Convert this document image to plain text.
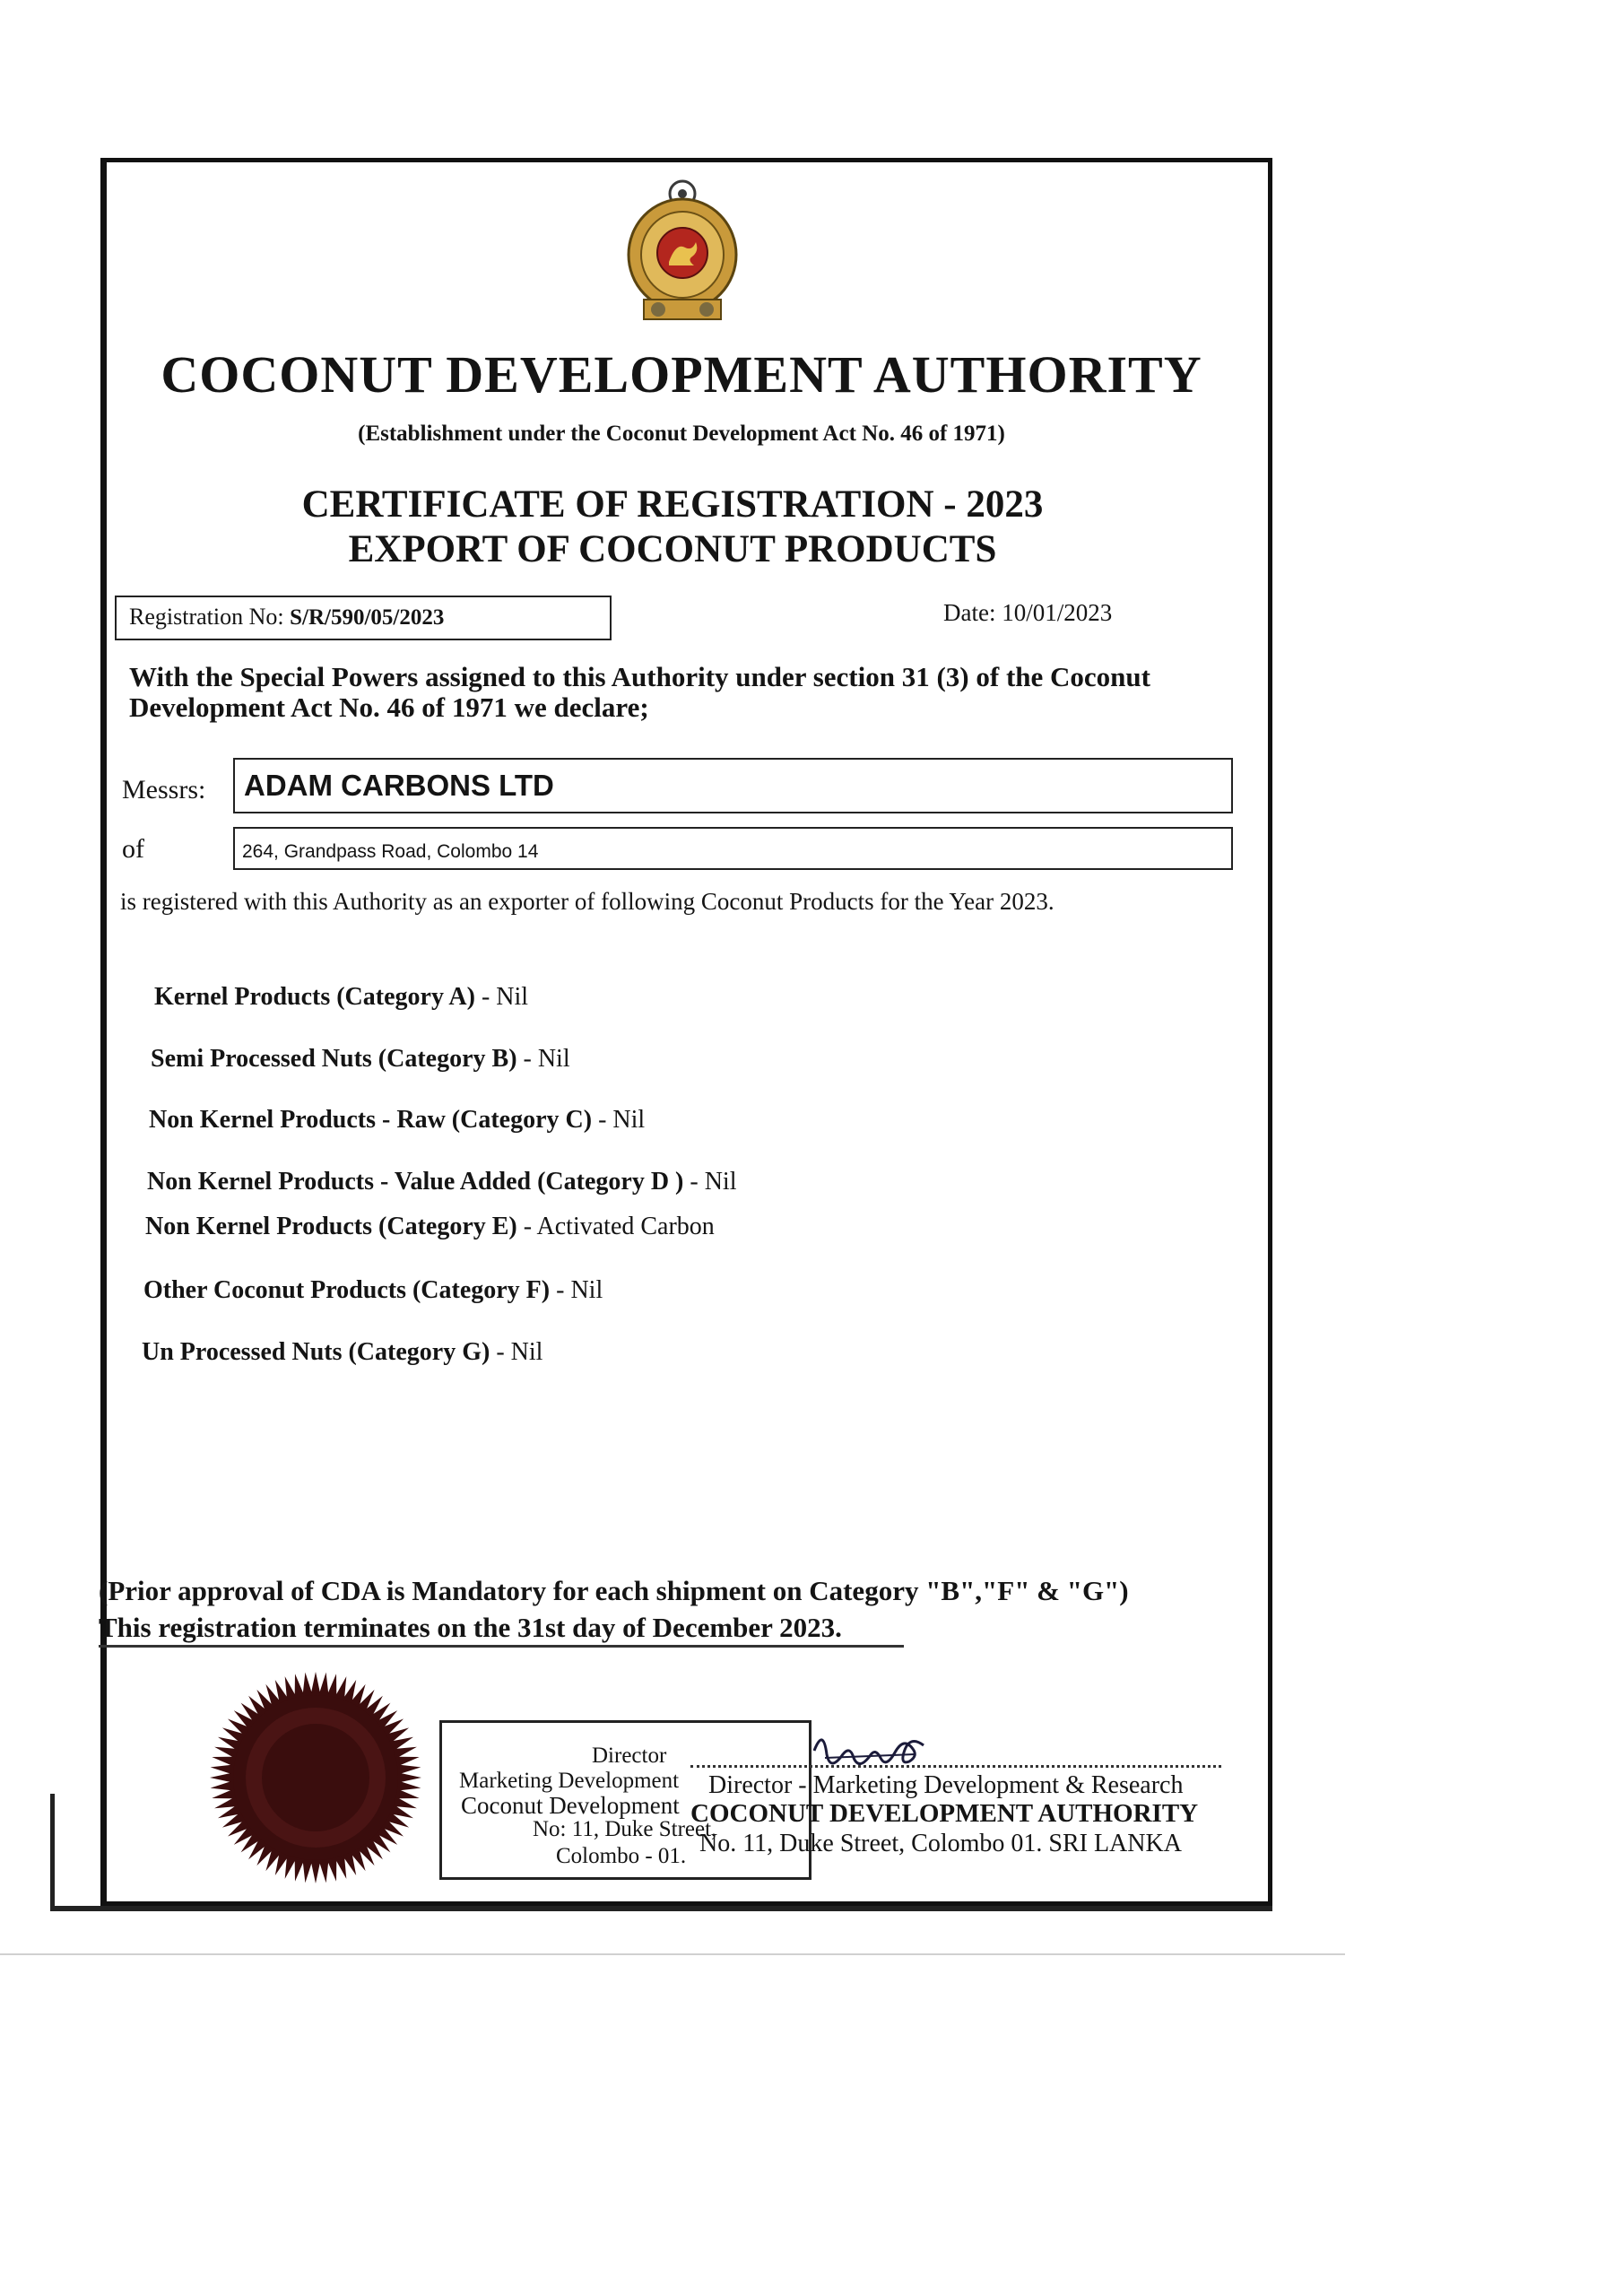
COCONUT DEVELOPMENT AUTHORITY
(Establishment under the Coconut Development Act No. 46 of 1971)
CERTIFICATE OF REGISTRATION - 2023
EXPORT OF COCONUT PRODUCTS
Registration No: S/R/590/05/2023	Date: 10/01/2023
With the Special Powers assigned to this Authority under section 31 (3) of the Coconut
Development Act No. 46 of 1971 we declare;
Messrs:	ADAM CARBONS LTD
of	264, Grandpass Road, Colombo 14
is registered with this Authority as an exporter of following Coconut Products for the Year 2023.
Kernel Products (Category A) - Nil
Semi Processed Nuts (Category B) - Nil
Non Kernel Products - Raw (Category C) - Nil
Non Kernel Products - Value Added (Category D ) - Nil
Non Kernel Products (Category E) - Activated Carbon
Other Coconut Products (Category F) - Nil
Un Processed Nuts (Category G) - Nil
(Prior approval of CDA is Mandatory for each shipment on Category "B","F" & "G")
This registration terminates on the 31st day of December 2023.
Director
Marketing Development
Coconut Development
No: 11, Duke Street,
Colombo - 01.
Director - Marketing Development & Research
COCONUT DEVELOPMENT AUTHORITY
No. 11, Duke Street, Colombo 01. SRI LANKA
